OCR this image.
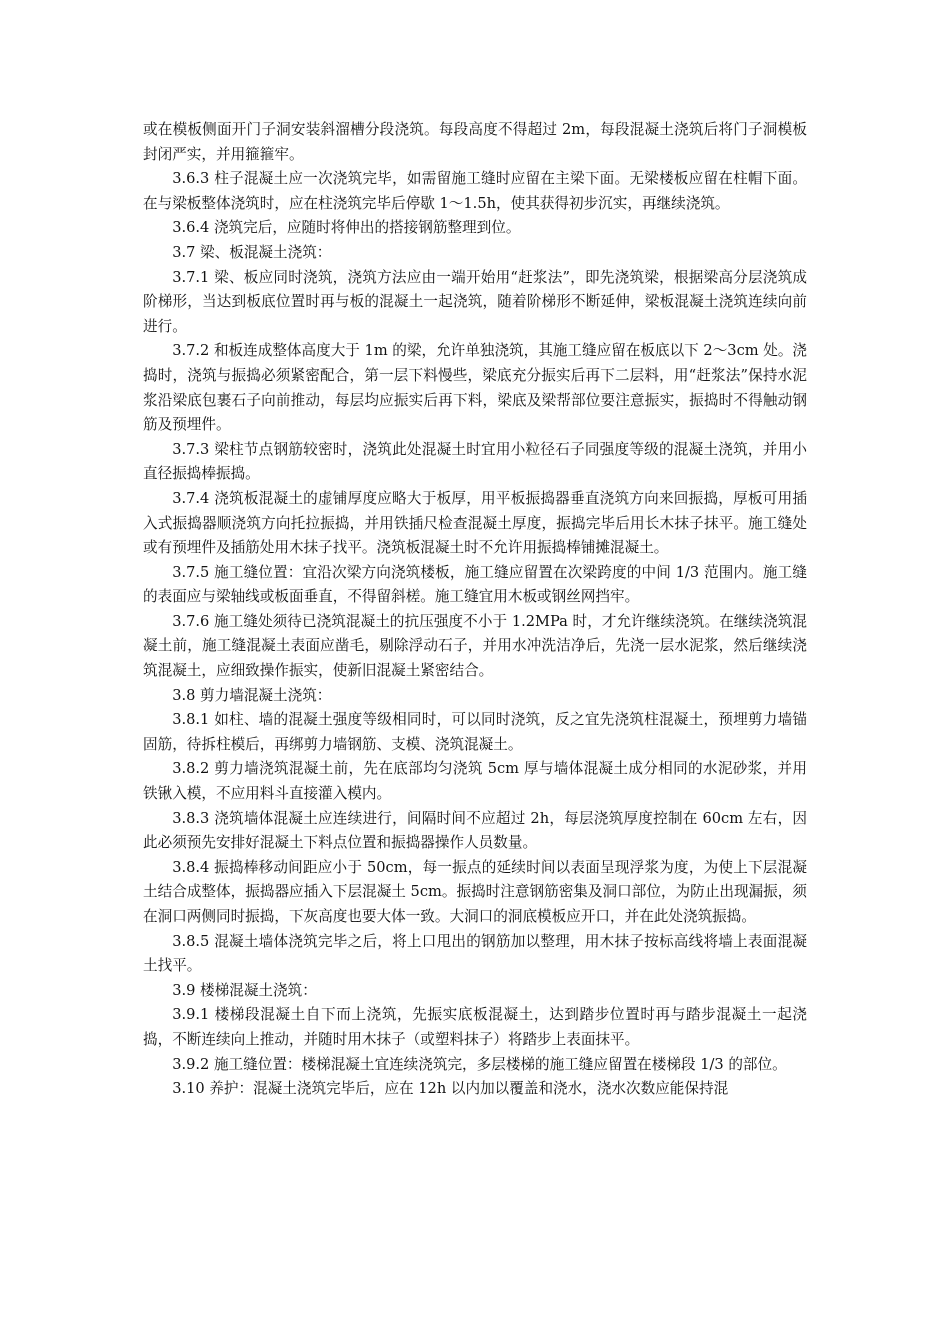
或在模板侧面开门子洞安装斜溜槽分段浇筑。每段高度不得超过 2m，每段混凝土浇筑后将门子洞模板封闭严实，并用箍箍牢。

3.6.3 柱子混凝土应一次浇筑完毕，如需留施工缝时应留在主梁下面。无梁楼板应留在柱帽下面。在与梁板整体浇筑时，应在柱浇筑完毕后停歇 1～1.5h，使其获得初步沉实，再继续浇筑。

3.6.4 浇筑完后，应随时将伸出的搭接钢筋整理到位。

3.7 梁、板混凝土浇筑：

3.7.1 梁、板应同时浇筑，浇筑方法应由一端开始用“赶浆法”，即先浇筑梁，根据梁高分层浇筑成阶梯形，当达到板底位置时再与板的混凝土一起浇筑，随着阶梯形不断延伸，梁板混凝土浇筑连续向前进行。

3.7.2 和板连成整体高度大于 1m 的梁，允许单独浇筑，其施工缝应留在板底以下 2～3cm 处。浇捣时，浇筑与振捣必须紧密配合，第一层下料慢些，梁底充分振实后再下二层料，用“赶浆法”保持水泥浆沿梁底包裹石子向前推动，每层均应振实后再下料，梁底及梁帮部位要注意振实，振捣时不得触动钢筋及预埋件。

3.7.3 梁柱节点钢筋较密时，浇筑此处混凝土时宜用小粒径石子同强度等级的混凝土浇筑，并用小直径振捣棒振捣。

3.7.4 浇筑板混凝土的虚铺厚度应略大于板厚，用平板振捣器垂直浇筑方向来回振捣，厚板可用插入式振捣器顺浇筑方向托拉振捣，并用铁插尺检查混凝土厚度，振捣完毕后用长木抹子抹平。施工缝处或有预埋件及插筋处用木抹子找平。浇筑板混凝土时不允许用振捣棒铺摊混凝土。

3.7.5 施工缝位置：宜沿次梁方向浇筑楼板，施工缝应留置在次梁跨度的中间 1/3 范围内。施工缝的表面应与梁轴线或板面垂直，不得留斜槎。施工缝宜用木板或钢丝网挡牢。

3.7.6 施工缝处须待已浇筑混凝土的抗压强度不小于 1.2MPa 时，才允许继续浇筑。在继续浇筑混凝土前，施工缝混凝土表面应凿毛，剔除浮动石子，并用水冲洗洁净后，先浇一层水泥浆，然后继续浇筑混凝土，应细致操作振实，使新旧混凝土紧密结合。

3.8 剪力墙混凝土浇筑：

3.8.1 如柱、墙的混凝土强度等级相同时，可以同时浇筑，反之宜先浇筑柱混凝土，预埋剪力墙锚固筋，待拆柱模后，再绑剪力墙钢筋、支模、浇筑混凝土。

3.8.2 剪力墙浇筑混凝土前，先在底部均匀浇筑 5cm 厚与墙体混凝土成分相同的水泥砂浆，并用铁锹入模，不应用料斗直接灌入模内。

3.8.3 浇筑墙体混凝土应连续进行，间隔时间不应超过 2h，每层浇筑厚度控制在 60cm 左右，因此必须预先安排好混凝土下料点位置和振捣器操作人员数量。

3.8.4 振捣棒移动间距应小于 50cm，每一振点的延续时间以表面呈现浮浆为度，为使上下层混凝土结合成整体，振捣器应插入下层混凝土 5cm。振捣时注意钢筋密集及洞口部位，为防止出现漏振，须在洞口两侧同时振捣，下灰高度也要大体一致。大洞口的洞底模板应开口，并在此处浇筑振捣。

3.8.5 混凝土墙体浇筑完毕之后，将上口甩出的钢筋加以整理，用木抹子按标高线将墙上表面混凝土找平。

3.9 楼梯混凝土浇筑：

3.9.1 楼梯段混凝土自下而上浇筑，先振实底板混凝土，达到踏步位置时再与踏步混凝土一起浇捣，不断连续向上推动，并随时用木抹子（或塑料抹子）将踏步上表面抹平。

3.9.2 施工缝位置：楼梯混凝土宜连续浇筑完，多层楼梯的施工缝应留置在楼梯段 1/3 的部位。

3.10 养护：混凝土浇筑完毕后，应在 12h 以内加以覆盖和浇水，浇水次数应能保持混
